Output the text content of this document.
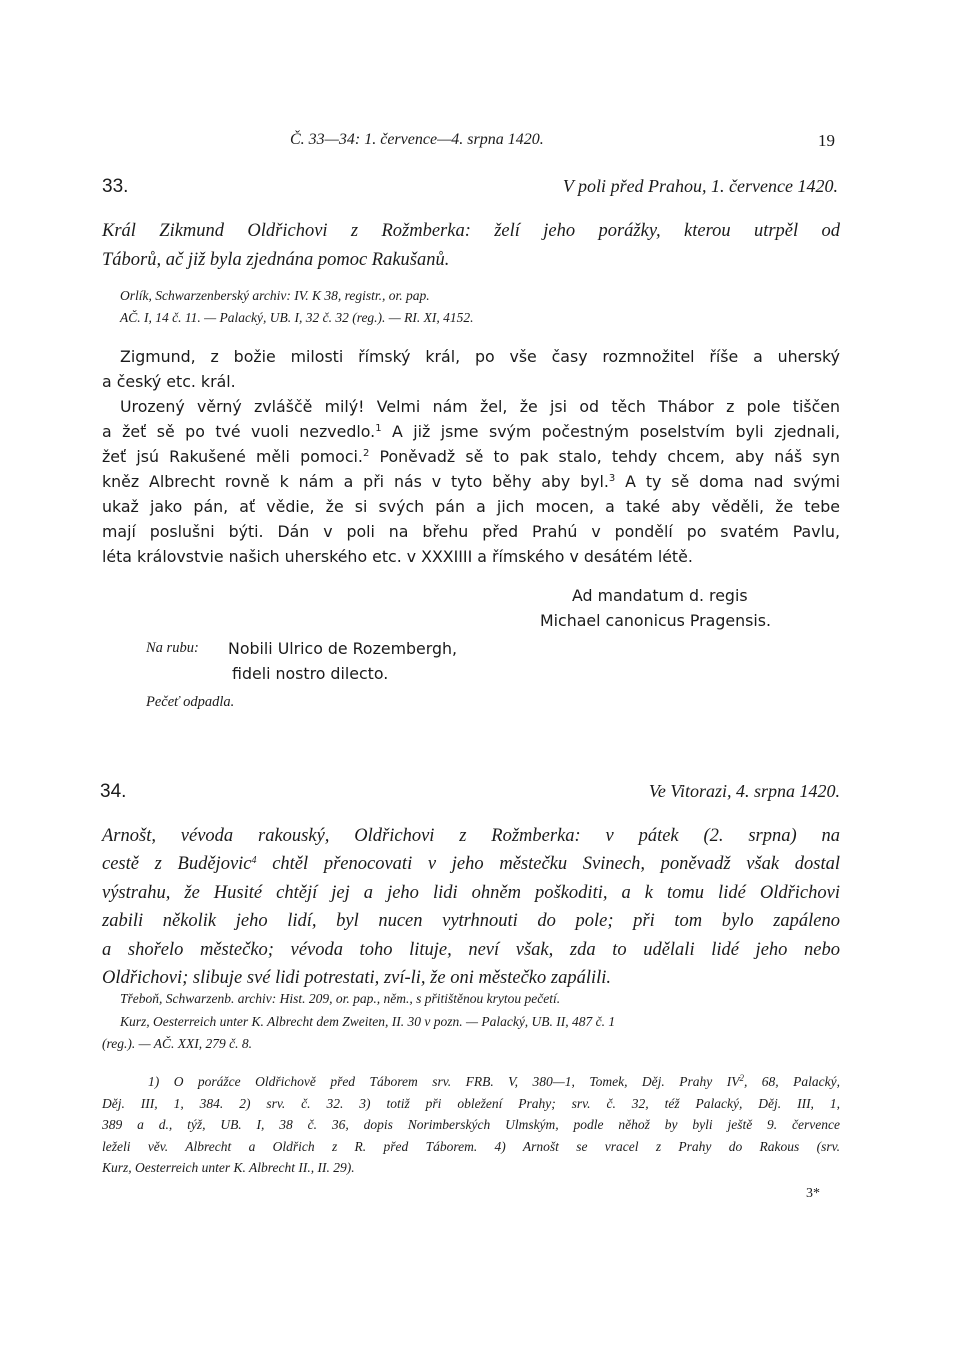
Č. 33—34: 1. července—4. srpna 1420.	19
33.	V poli před Prahou, 1. července 1420.
Král Zikmund Oldřichovi z Rožmberka: želí jeho porážky, kterou utrpěl od
Táborů, ač již byla zjednána pomoc Rakušanů.
Orlík, Schwarzenberský archiv: IV. K 38, registr., or. pap.
AČ. I, 14 č. 11. — Palacký, UB. I, 32 č. 32 (reg.). — RI. XI, 4152.
Zigmund, z božie milosti římský král, po vše časy rozmnožitel říše a uherský
a český etc. král.
Urozený věrný zvláščě milý! Velmi nám žel, že jsi od těch Thábor z pole tiščen
a žeť sě po tvé vuoli nezvedlo.$^1$ A již jsme svým počestným poselstvím byli zjednali,
žeť jsú Rakušené měli pomoci.$^2$ Poněvadž sě to pak stalo, tehdy chcem, aby náš syn
kněz Albrecht rovně k nám a při nás v tyto běhy aby byl.$^3$ A ty sě doma nad svými
ukaž jako pán, ať vědie, že si svých pán a jich mocen, a také aby věděli, že tebe
mají poslušni býti. Dán v poli na břehu před Prahú v pondělí po svatém Pavlu,
léta královstvie našich uherského etc. v XXXIIII a římského v desátém létě.
Ad mandatum d. regis
Michael canonicus Pragensis.
Na rubu: Nobili Ulrico de Rozembergh,
fideli nostro dilecto.
Pečeť odpadla.
34.	Ve Vitorazi, 4. srpna 1420.
Arnošt, vévoda rakouský, Oldřichovi z Rožmberka: v pátek (2. srpna) na
cestě z Budějovic$^4$ chtěl přenocovati v jeho městečku Svinech, poněvadž však dostal
výstrahu, že Husité chtějí jej a jeho lidi ohněm poškoditi, a k tomu lidé Oldřichovi
zabili několik jeho lidí, byl nucen vytrhnouti do pole; při tom bylo zapáleno
a shořelo městečko; vévoda toho lituje, neví však, zda to udělali lidé jeho nebo
Oldřichovi; slibuje své lidi potrestati, zví-li, že oni městečko zapálili.
Třeboň, Schwarzenb. archiv: Hist. 209, or. pap., něm., s přitištěnou krytou pečetí.
Kurz, Oesterreich unter K. Albrecht dem Zweiten, II. 30 v pozn. — Palacký, UB. II, 487 č. 1
(reg.). — AČ. XXI, 279 č. 8.
1) O porážce Oldřichově před Táborem srv. FRB. V, 380—1, Tomek, Děj. Prahy $IV^2$, 68, Palacký,
Děj. III, 1, 384. 2) srv. č. 32. 3) totiž při obležení Prahy; srv. č. 32, též Palacký, Děj. III, 1,
389 a d., týž, UB. I, 38 č. 36, dopis Norimberských Ulmským, podle něhož by byli ještě 9. července
leželi věv. Albrecht a Oldřich z R. před Táborem. 4) Arnošt se vracel z Prahy do Rakous (srv.
Kurz, Oesterreich unter K. Albrecht II., II. 29).
3*
